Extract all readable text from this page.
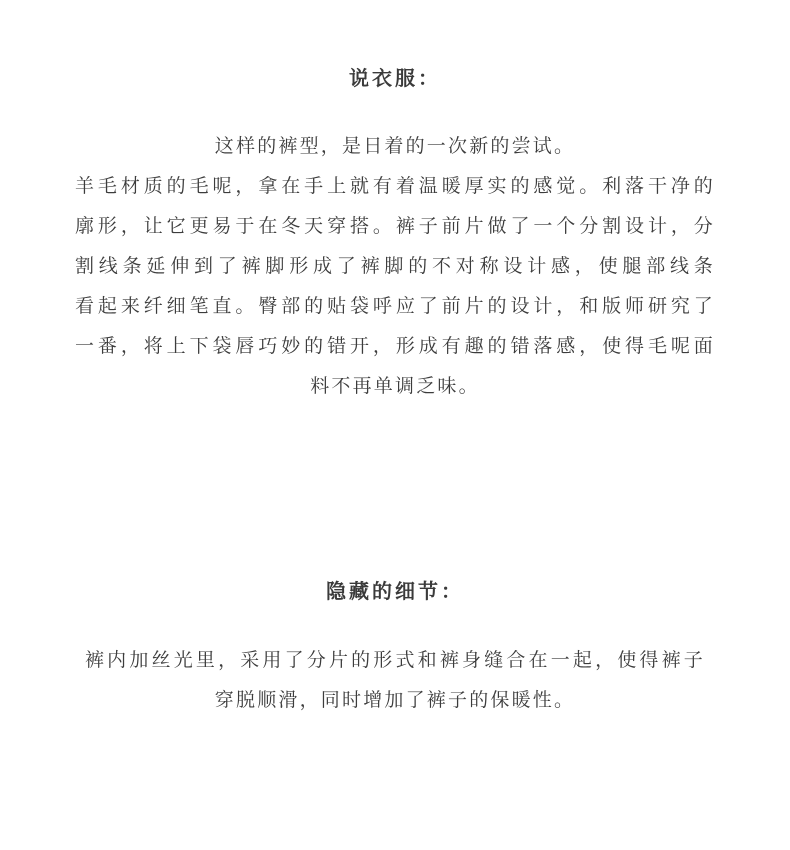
说衣服：
这样的裤型，是日着的一次新的尝试。
羊毛材质的毛呢，拿在手上就有着温暖厚实的感觉。利落干净的
廓形，让它更易于在冬天穿搭。裤子前片做了一个分割设计，分
割线条延伸到了裤脚形成了裤脚的不对称设计感，使腿部线条
看起来纤细笔直。臀部的贴袋呼应了前片的设计，和版师研究了
一番，将上下袋唇巧妙的错开，形成有趣的错落感，使得毛呢面
料不再单调乏味。
隐藏的细节：
裤内加丝光里，采用了分片的形式和裤身缝合在一起，使得裤子
穿脱顺滑，同时增加了裤子的保暖性。
